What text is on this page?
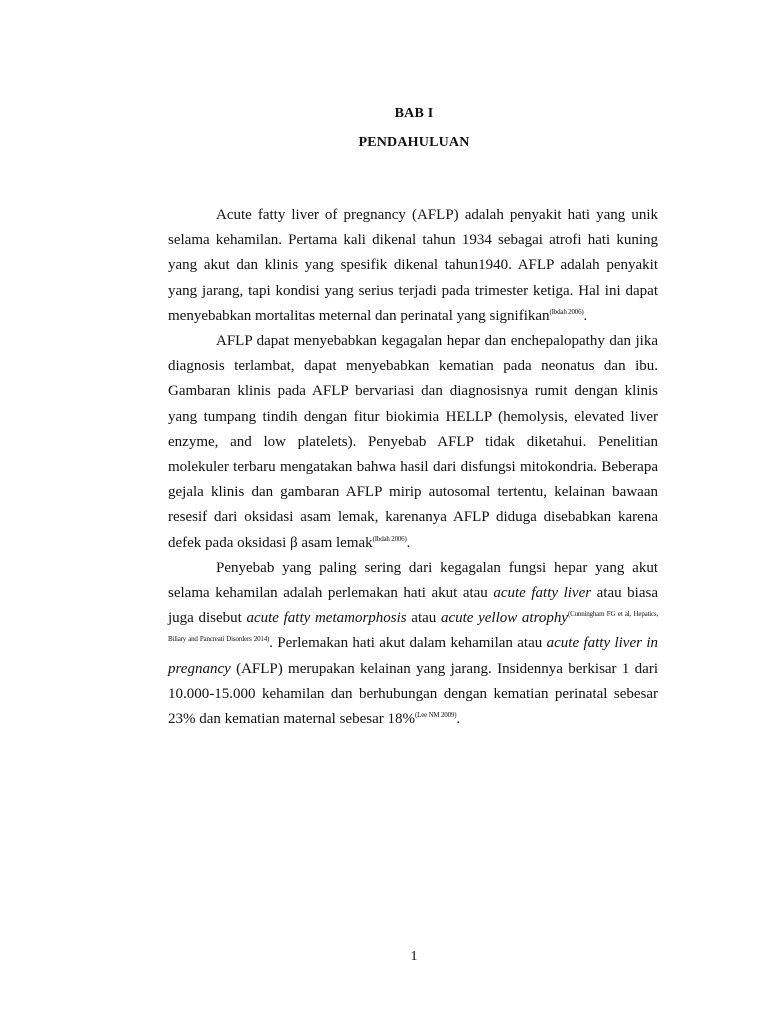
BAB I
PENDAHULUAN

Acute fatty liver of pregnancy (AFLP) adalah penyakit hati yang unik selama kehamilan. Pertama kali dikenal tahun 1934 sebagai atrofi hati kuning yang akut dan klinis yang spesifik dikenal tahun1940. AFLP adalah penyakit yang jarang, tapi kondisi yang serius terjadi pada trimester ketiga. Hal ini dapat menyebabkan mortalitas meternal dan perinatal yang signifikan$^{(Ibdah 2006)}$.

AFLP dapat menyebabkan kegagalan hepar dan enchepalopathy dan jika diagnosis terlambat, dapat menyebabkan kematian pada neonatus dan ibu. Gambaran klinis pada AFLP bervariasi dan diagnosisnya rumit dengan klinis yang tumpang tindih dengan fitur biokimia HELLP (hemolysis, elevated liver enzyme, and low platelets). Penyebab AFLP tidak diketahui. Penelitian molekuler terbaru mengatakan bahwa hasil dari disfungsi mitokondria. Beberapa gejala klinis dan gambaran AFLP mirip autosomal tertentu, kelainan bawaan resesif dari oksidasi asam lemak, karenanya AFLP diduga disebabkan karena defek pada oksidasi β asam lemak$^{(Ibdah 2006)}$.

Penyebab yang paling sering dari kegagalan fungsi hepar yang akut selama kehamilan adalah perlemakan hati akut atau acute fatty liver atau biasa juga disebut acute fatty metamorphosis atau acute yellow atrophy$^{(Cunningham FG et al, Hepatics, Biliary and Pancreati Disorders 2014)}$. Perlemakan hati akut dalam kehamilan atau acute fatty liver in pregnancy (AFLP) merupakan kelainan yang jarang. Insidennya berkisar 1 dari 10.000-15.000 kehamilan dan berhubungan dengan kematian perinatal sebesar 23% dan kematian maternal sebesar 18%$^{(Lee NM 2009)}$.

1
